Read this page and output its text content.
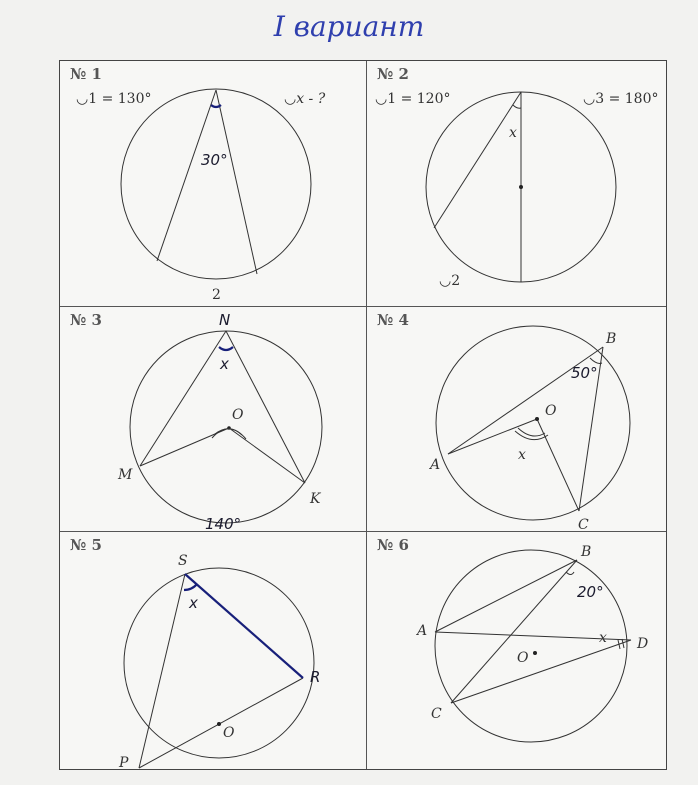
I вариант
№ 1
30°
◡1 = 130°	◡x - ?
2
№ 2
x
◡1 = 120°	◡3 = 180°
◡2
№ 3	N
x
O
M
K
140°
№ 4
B
50°
O
A
x
C
№ 5
S
x
R
O
P
№ 6	B
20°
A	x D
O
C
